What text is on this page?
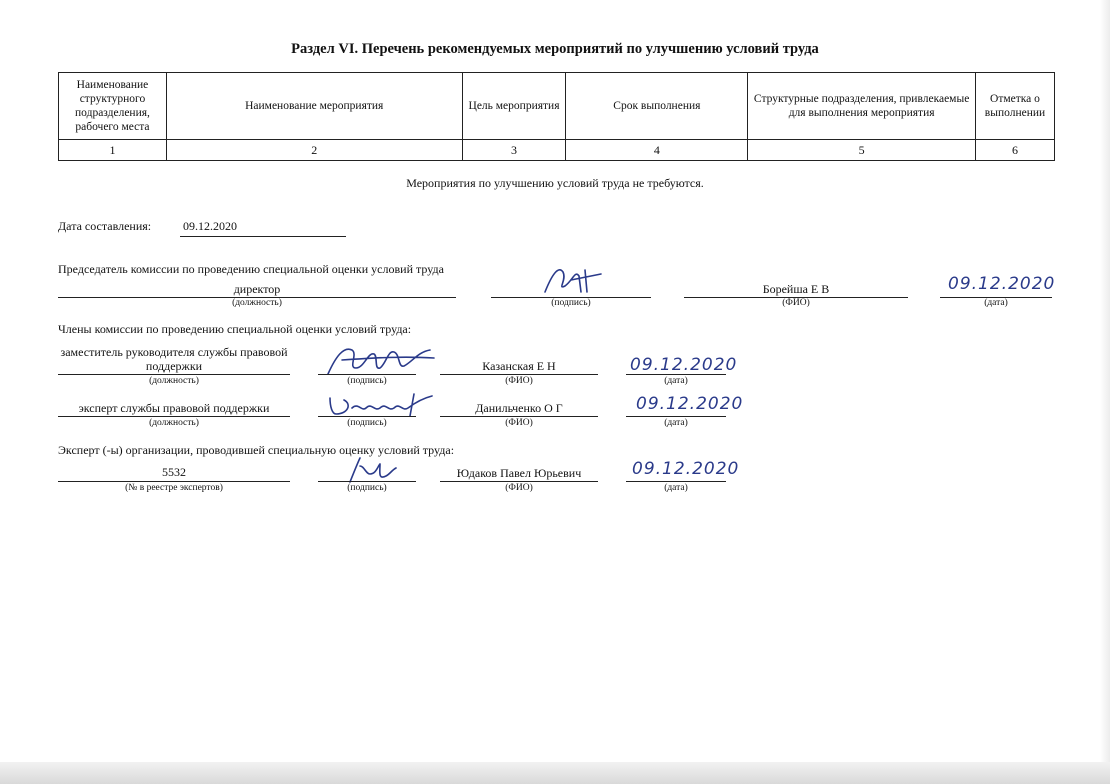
Раздел VI. Перечень рекомендуемых мероприятий по улучшению условий труда
Наименование структурного подразделения, рабочего места	Наименование мероприятия	Цель мероприятия	Срок выполнения	Структурные подразделения, привлекаемые для выполнения мероприятия	Отметка о выполнении
1	2	3	4	5	6
Мероприятия по улучшению условий труда не требуются.
Дата составления:	09.12.2020
Председатель комиссии по проведению специальной оценки условий труда
директор
(должность)	(подпись)
Борейша Е В
(ФИО)
09.12.2020
(дата)
Члены комиссии по проведению специальной оценки условий труда:
заместитель руководителя службы правовой поддержки
(должность)	(подпись)
Казанская Е Н
(ФИО)
09.12.2020
(дата)
эксперт службы правовой поддержки
(должность)	(подпись)
Данильченко О Г
(ФИО)
09.12.2020
(дата)
Эксперт (-ы) организации, проводившей специальную оценку условий труда:
5532
(№ в реестре экспертов)	(подпись)
Юдаков Павел Юрьевич
(ФИО)
09.12.2020
(дата)
